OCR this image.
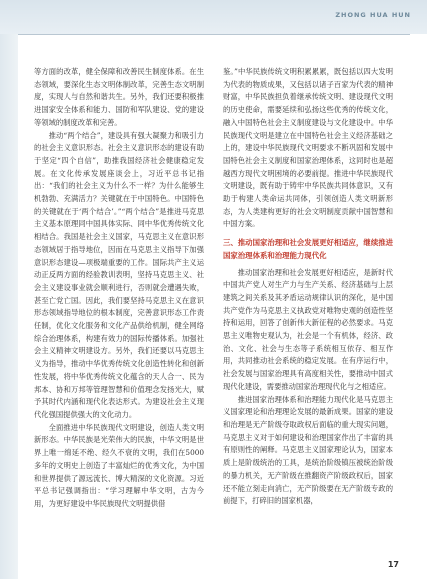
ZHONG HUA HUN

等方面的改革，健全保障和改善民生制度体系。在生态领域，要深化生态文明体制改革，完善生态文明制度，实现人与自然和谐共生。另外，我们还要积极推进国家安全体系和能力、国防和军队建设、党的建设等领域的制度改革和完善。

推动“两个结合”，建设具有强大凝聚力和吸引力的社会主义意识形态。社会主义意识形态的建设有助于坚定“四个自信”，助推我国经济社会健康稳定发展。在文化传承发展座谈会上，习近平总书记指出：“我们的社会主义为什么不一样？为什么能够生机勃勃、充满活力？关键就在于中国特色。中国特色的关键就在于‘两个结合’。”“两个结合”是推进马克思主义基本原理同中国具体实际、同中华优秀传统文化相结合。我国是社会主义国家，马克思主义在意识形态领域居于指导地位，因而在马克思主义指导下加强意识形态建设—项极端重要的工作。国际共产主义运动正反两方面的经验教训表明，坚持马克思主义、社会主义建设事业就会顺利进行，否则就会遭遇失败，甚至亡党亡国。因此，我们要坚持马克思主义在意识形态领域指导地位的根本制度，完善意识形态工作责任制，优化文化服务和文化产品供给机制，健全网络综合治理体系，构建有效力的国际传播体系。加强社会主义精神文明建设方。另外，我们还要以马克思主义为指导，推动中华优秀传统文化创造性转化和创新性发展，将中华优秀传统文化蕴含的天人合一、民为邦本、协和万邦等管理智慧和价值理念发扬光大，赋予其时代内涵和现代化表达形式。为建设社会主义现代化强国提供强大的文化动力。

全面推进中华民族现代文明建设，创造人类文明新形态。中华民族是光荣伟大的民族，中华文明是世界上唯一绵延不绝、经久不衰的文明，我们在5000多年的文明史上创造了丰富灿烂的优秀文化，为中国和世界提供了源远流长、博大精深的文化资源。习近平总书记强调指出：“学习理解中华文明，古为今用，为更好建设中华民族现代文明提供借

鉴。”中华民族传统文明积累累累，既包括以四大发明为代表的物质成果，又包括以诸子百家为代表的精神财富，中华民族担负着继承传统文明、建设现代文明的历史使命，需要延续和弘扬这些优秀的传统文化，融入中国特色社会主义制度建设与文化建设中。中华民族现代文明是建立在中国特色社会主义经济基础之上的，建设中华民族现代文明要求不断巩固和发展中国特色社会主义制度和国家治理体系，这同时也是超越西方现代文明困境的必要前提。推进中华民族现代文明建设，既有助于铸牢中华民族共同体意识，又有助于构建人类命运共同体，引领创造人类文明新形态，为人类建构更好的社会文明制度贡献中国智慧和中国方案。

三、推动国家治理和社会发展更好相适应，继续推进国家治理体系和治理能力现代化

推动国家治理和社会发展更好相适应，是新时代中国共产党人对生产力与生产关系、经济基础与上层建筑之间关系及其矛盾运动规律认识的深化，是中国共产党作为马克思主义执政党对唯物史观的创造性坚持和运用，回答了创新伟大新征程的必然要求。马克思主义唯物史观认为，社会是一个有机体，经济、政治、文化、社会与生态等子系统相互依存、相互作用，共同推动社会系统的稳定发展。在有序运行中，社会发展与国家治理具有高度相关性，要推动中国式现代化建设，需要推动国家治理现代化与之相适应。

推进国家治理体系和治理能力现代化是马克思主义国家理论和治理理论发展的最新成果。国家的建设和治理是无产阶级夺取政权后面临的重大现实问题，马克思主义对于如何建设和治理国家作出了丰富的具有原则性的阐释。马克思主义国家理论认为，国家本质上是阶级统治的工具，是统治阶级镇压被统治阶级的暴力机关，无产阶级在推翻资产阶级政权后，国家还不能立刻走向消亡，无产阶级要在无产阶级专政的前提下，打碎旧的国家机器，

17
